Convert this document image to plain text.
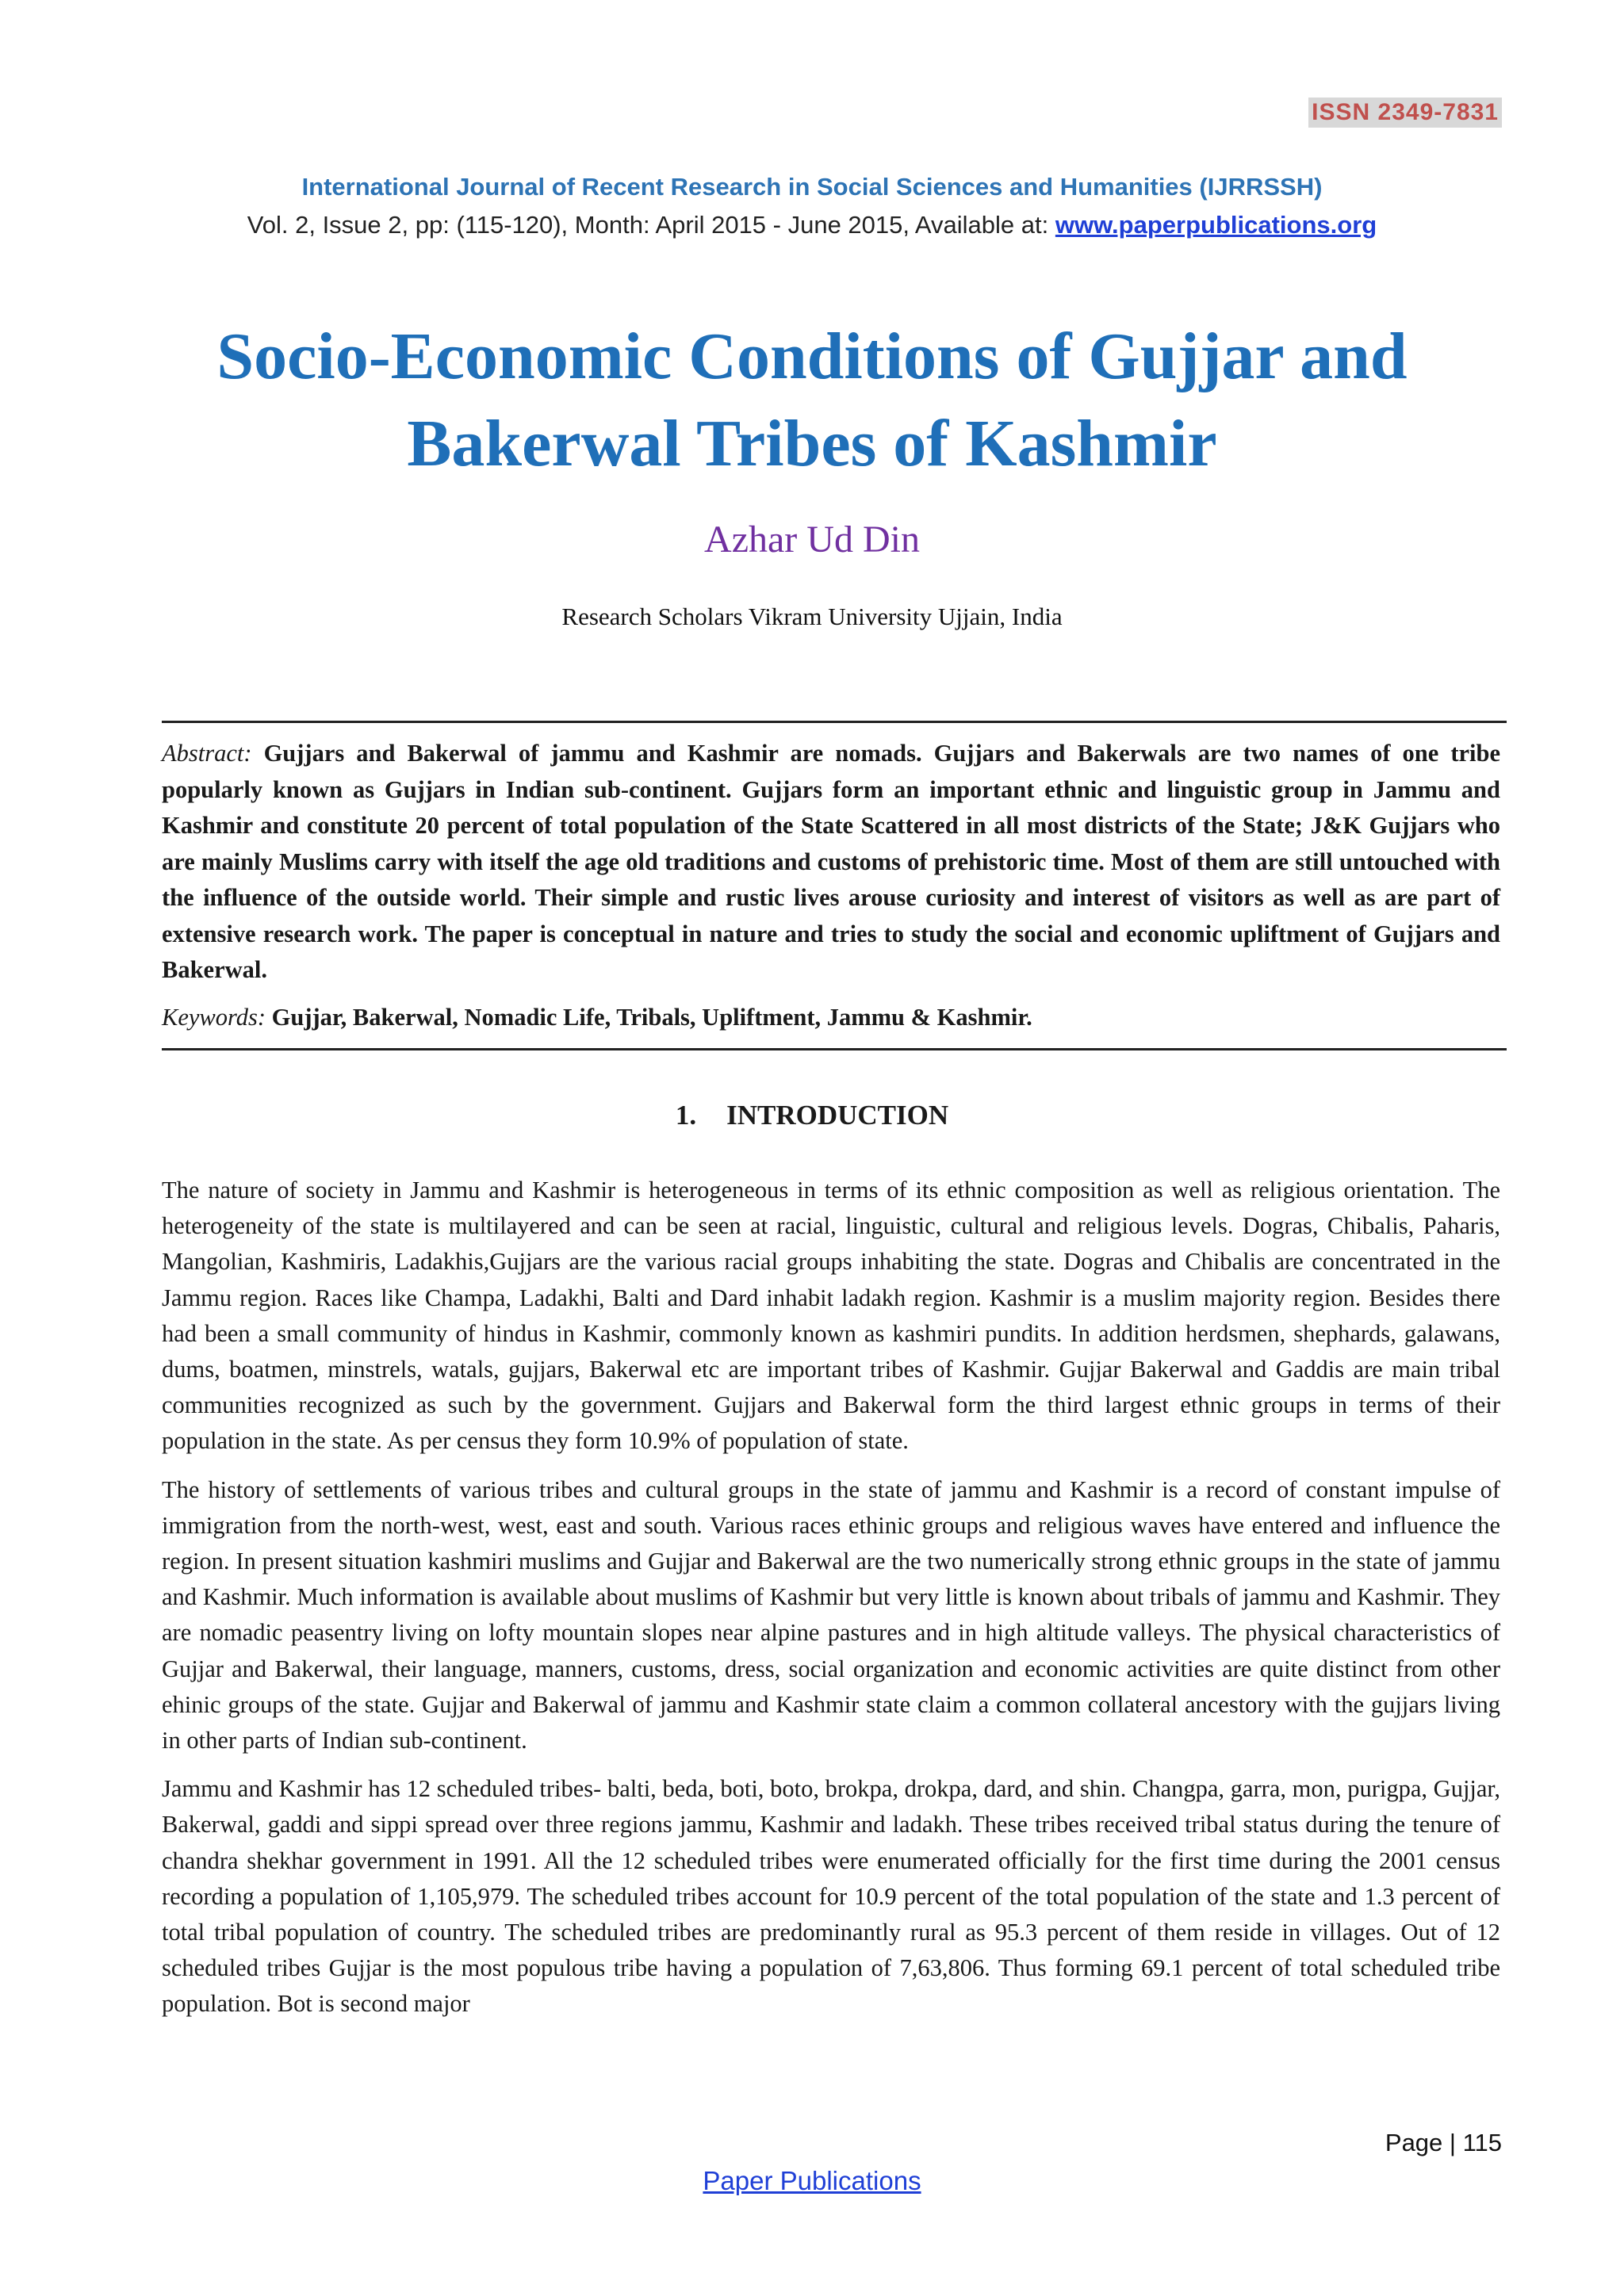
ISSN 2349-7831
International Journal of Recent Research in Social Sciences and Humanities (IJRRSSH)
Vol. 2, Issue 2, pp: (115-120), Month: April 2015 - June 2015, Available at: www.paperpublications.org
Socio-Economic Conditions of Gujjar and
Bakerwal Tribes of Kashmir
Azhar Ud Din
Research Scholars Vikram University Ujjain, India
Abstract: Gujjars and Bakerwal of jammu and Kashmir are nomads. Gujjars and Bakerwals are two names of one tribe popularly known as Gujjars in Indian sub-continent. Gujjars form an important ethnic and linguistic group in Jammu and Kashmir and constitute 20 percent of total population of the State Scattered in all most districts of the State; J&K Gujjars who are mainly Muslims carry with itself the age old traditions and customs of prehistoric time. Most of them are still untouched with the influence of the outside world. Their simple and rustic lives arouse curiosity and interest of visitors as well as are part of extensive research work. The paper is conceptual in nature and tries to study the social and economic upliftment of Gujjars and Bakerwal.
Keywords: Gujjar, Bakerwal, Nomadic Life, Tribals, Upliftment, Jammu & Kashmir.
1. INTRODUCTION

The nature of society in Jammu and Kashmir is heterogeneous in terms of its ethnic composition as well as religious orientation. The heterogeneity of the state is multilayered and can be seen at racial, linguistic, cultural and religious levels. Dogras, Chibalis, Paharis, Mangolian, Kashmiris, Ladakhis,Gujjars are the various racial groups inhabiting the state. Dogras and Chibalis are concentrated in the Jammu region. Races like Champa, Ladakhi, Balti and Dard inhabit ladakh region. Kashmir is a muslim majority region. Besides there had been a small community of hindus in Kashmir, commonly known as kashmiri pundits. In addition herdsmen, shephards, galawans, dums, boatmen, minstrels, watals, gujjars, Bakerwal etc are important tribes of Kashmir. Gujjar Bakerwal and Gaddis are main tribal communities recognized as such by the government. Gujjars and Bakerwal form the third largest ethnic groups in terms of their population in the state. As per census they form 10.9% of population of state.

The history of settlements of various tribes and cultural groups in the state of jammu and Kashmir is a record of constant impulse of immigration from the north-west, west, east and south. Various races ethinic groups and religious waves have entered and influence the region. In present situation kashmiri muslims and Gujjar and Bakerwal are the two numerically strong ethnic groups in the state of jammu and Kashmir. Much information is available about muslims of Kashmir but very little is known about tribals of jammu and Kashmir. They are nomadic peasentry living on lofty mountain slopes near alpine pastures and in high altitude valleys. The physical characteristics of Gujjar and Bakerwal, their language, manners, customs, dress, social organization and economic activities are quite distinct from other ehinic groups of the state. Gujjar and Bakerwal of jammu and Kashmir state claim a common collateral ancestory with the gujjars living in other parts of Indian sub-continent.

Jammu and Kashmir has 12 scheduled tribes- balti, beda, boti, boto, brokpa, drokpa, dard, and shin. Changpa, garra, mon, purigpa, Gujjar, Bakerwal, gaddi and sippi spread over three regions jammu, Kashmir and ladakh. These tribes received tribal status during the tenure of chandra shekhar government in 1991. All the 12 scheduled tribes were enumerated officially for the first time during the 2001 census recording a population of 1,105,979. The scheduled tribes account for 10.9 percent of the total population of the state and 1.3 percent of total tribal population of country. The scheduled tribes are predominantly rural as 95.3 percent of them reside in villages. Out of 12 scheduled tribes Gujjar is the most populous tribe having a population of 7,63,806. Thus forming 69.1 percent of total scheduled tribe population. Bot is second major

Page | 115
Paper Publications
